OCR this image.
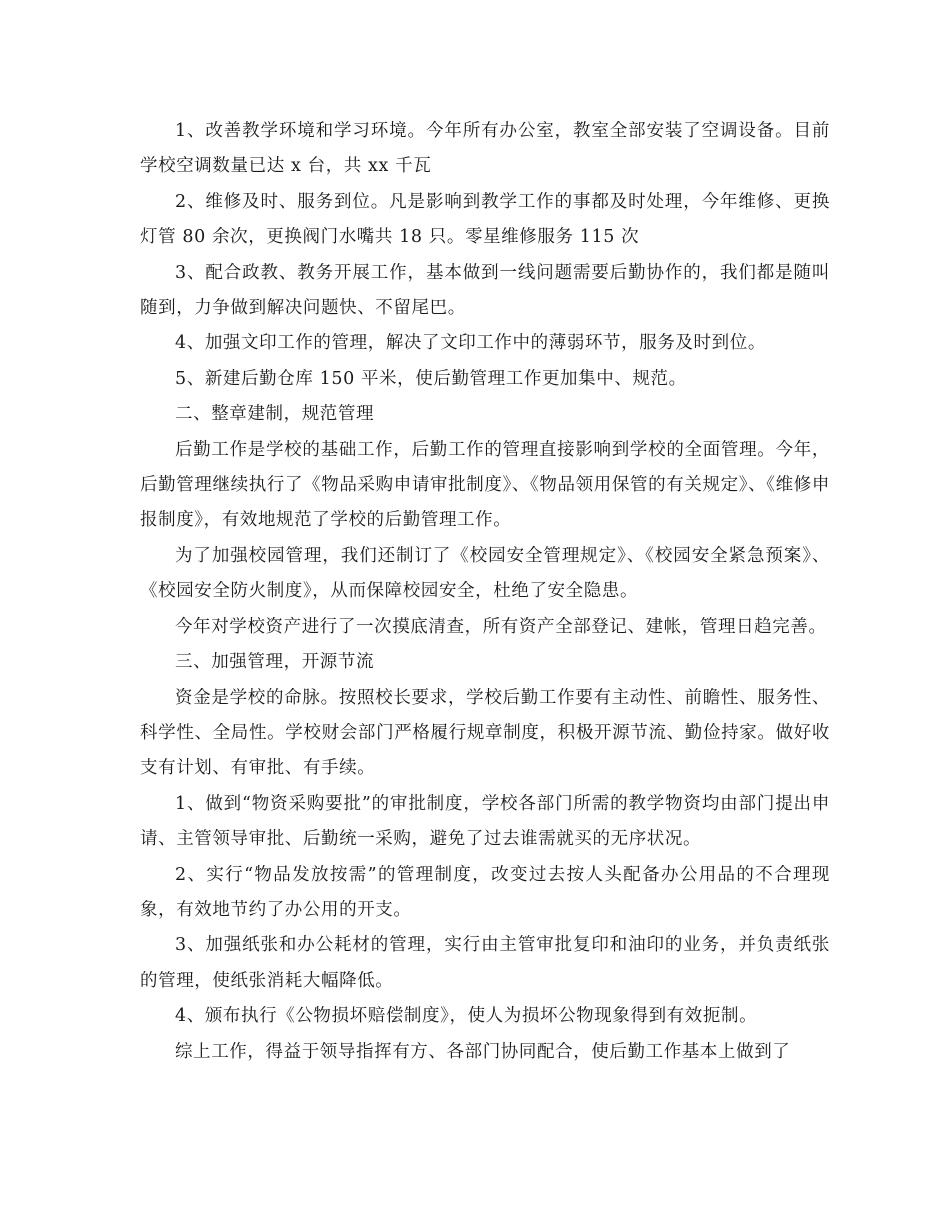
1、改善教学环境和学习环境。今年所有办公室，教室全部安装了空调设备。目前学校空调数量已达 x 台，共 xx 千瓦

2、维修及时、服务到位。凡是影响到教学工作的事都及时处理，今年维修、更换灯管 80 余次，更换阀门水嘴共 18 只。零星维修服务 115 次

3、配合政教、教务开展工作，基本做到一线问题需要后勤协作的，我们都是随叫随到，力争做到解决问题快、不留尾巴。

4、加强文印工作的管理，解决了文印工作中的薄弱环节，服务及时到位。

5、新建后勤仓库 150 平米，使后勤管理工作更加集中、规范。

二、整章建制，规范管理

后勤工作是学校的基础工作，后勤工作的管理直接影响到学校的全面管理。今年，后勤管理继续执行了《物品采购申请审批制度》、《物品领用保管的有关规定》、《维修申报制度》，有效地规范了学校的后勤管理工作。

为了加强校园管理，我们还制订了《校园安全管理规定》、《校园安全紧急预案》、《校园安全防火制度》，从而保障校园安全，杜绝了安全隐患。

今年对学校资产进行了一次摸底清查，所有资产全部登记、建帐，管理日趋完善。

三、加强管理，开源节流

资金是学校的命脉。按照校长要求，学校后勤工作要有主动性、前瞻性、服务性、科学性、全局性。学校财会部门严格履行规章制度，积极开源节流、勤俭持家。做好收支有计划、有审批、有手续。

1、做到“物资采购要批”的审批制度，学校各部门所需的教学物资均由部门提出申请、主管领导审批、后勤统一采购，避免了过去谁需就买的无序状况。

2、实行“物品发放按需”的管理制度，改变过去按人头配备办公用品的不合理现象，有效地节约了办公用的开支。

3、加强纸张和办公耗材的管理，实行由主管审批复印和油印的业务，并负责纸张的管理，使纸张消耗大幅降低。

4、颁布执行《公物损坏赔偿制度》，使人为损坏公物现象得到有效扼制。

综上工作，得益于领导指挥有方、各部门协同配合，使后勤工作基本上做到了
